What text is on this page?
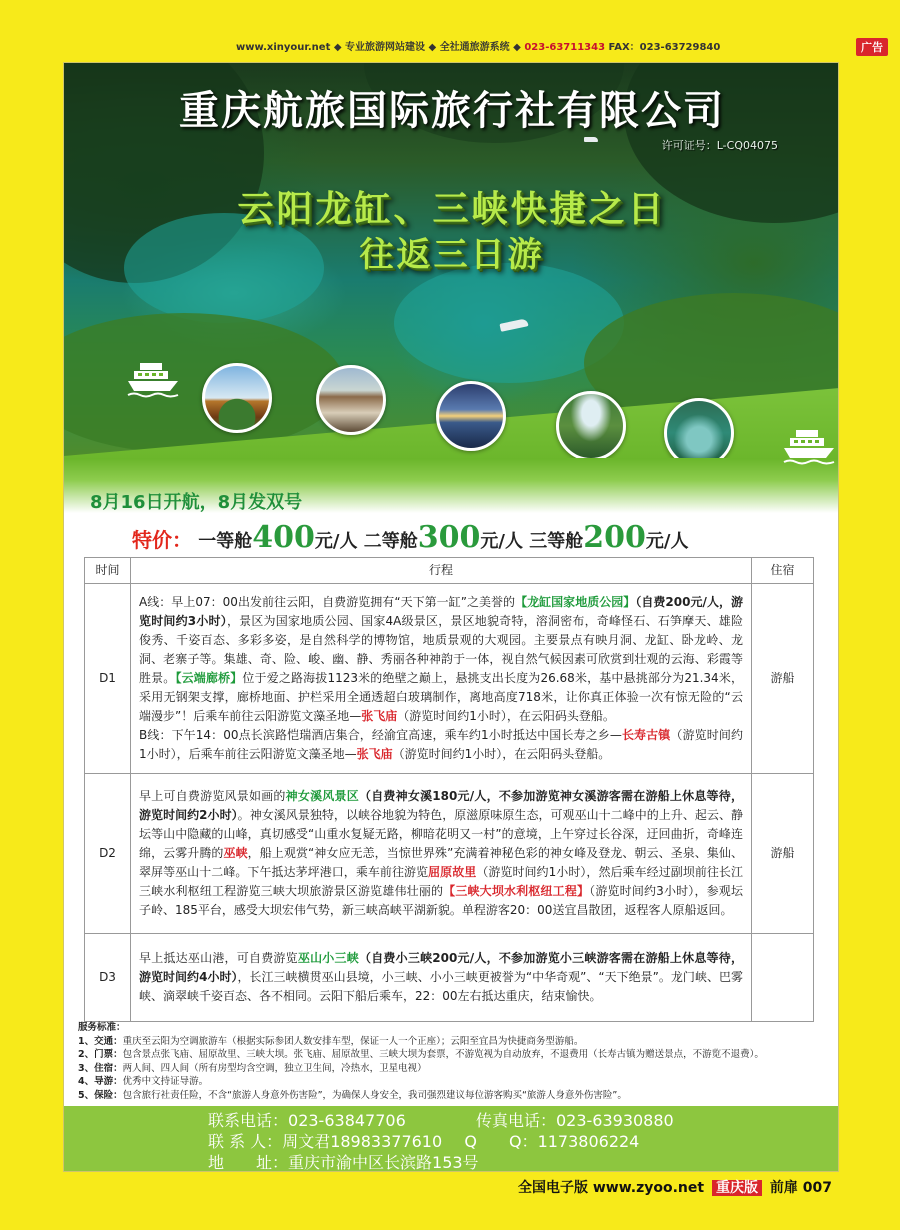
www.xinyour.net ◆ 专业旅游网站建设 ◆ 全社通旅游系统 ◆ 023-63711343 FAX：023-63729840	广告
重庆航旅国际旅行社有限公司
许可证号：L-CQ04075
云阳龙缸、三峡快捷之日
往返三日游
8月16日开航，8月发双号
特价： 一等舱400元/人 二等舱300元/人 三等舱200元/人
时间	行程	住宿
D1	A线：早上07：00出发前往云阳，自费游览拥有“天下第一缸”之美誉的【龙缸国家地质公园】（自费200元/人，游览时间约3小时），景区为国家地质公园、国家4A级景区，景区地貌奇特，溶洞密布，奇峰怪石、石笋摩天、雄险俊秀、千姿百态、多彩多姿，是自然科学的博物馆，地质景观的大观园。主要景点有映月洞、龙缸、卧龙岭、龙洞、老寨子等。集雄、奇、险、峻、幽、静、秀丽各种神韵于一体，视自然气候因素可欣赏到壮观的云海、彩霞等胜景。【云端廊桥】位于爱之路海拔1123米的绝壁之巅上，悬挑支出长度为26.68米，基中悬挑部分为21.34米，采用无钢架支撑，廊桥地面、护栏采用全通透超白玻璃制作，离地高度718米，让你真正体验一次有惊无险的“云端漫步”！后乘车前往云阳游览文藻圣地—张飞庙（游览时间约1小时），在云阳码头登船。
B线：下午14：00点长滨路恺瑞酒店集合，经渝宜高速，乘车约1小时抵达中国长寿之乡—长寿古镇（游览时间约1小时），后乘车前往云阳游览文藻圣地—张飞庙（游览时间约1小时），在云阳码头登船。	游船
D2	早上可自费游览风景如画的神女溪风景区（自费神女溪180元/人，不参加游览神女溪游客需在游船上休息等待，游览时间约2小时）。神女溪风景独特，以峡谷地貌为特色，原滋原味原生态，可观巫山十二峰中的上升、起云、静坛等山中隐藏的山峰，真切感受“山重水复疑无路，柳暗花明又一村”的意境，上午穿过长谷深，迂回曲折，奇峰连绵，云雾升腾的巫峡，船上观赏“神女应无恙，当惊世界殊”充满着神秘色彩的神女峰及登龙、朝云、圣泉、集仙、翠屏等巫山十二峰。下午抵达茅坪港口，乘车前往游览屈原故里（游览时间约1小时），然后乘车经过副坝前往长江三峡水利枢纽工程游览三峡大坝旅游景区游览雄伟壮丽的【三峡大坝水利枢纽工程】（游览时间约3小时），参观坛子岭、185平台，感受大坝宏伟气势，新三峡高峡平湖新貌。单程游客20：00送宜昌散团，返程客人原船返回。	游船
D3	早上抵达巫山港，可自费游览巫山小三峡（自费小三峡200元/人，不参加游览小三峡游客需在游船上休息等待，游览时间约4小时），长江三峡横贯巫山县境，小三峡、小小三峡更被誉为“中华奇观”、“天下绝景”。龙门峡、巴雾峡、滴翠峡千姿百态、各不相同。云阳下船后乘车，22：00左右抵达重庆，结束愉快。	
服务标准：
1、交通：重庆至云阳为空调旅游车（根据实际参团人数安排车型，保证一人一个正座）；云阳至宜昌为快捷商务型游船。
2、门票：包含景点张飞庙、屈原故里、三峡大坝。张飞庙、屈原故里、三峡大坝为套票，不游览视为自动放弃，不退费用（长寿古镇为赠送景点，不游览不退费）。
3、住宿：两人间、四人间（所有房型均含空调，独立卫生间，冷热水，卫星电视）
4、导游：优秀中文持证导游。
5、保险：包含旅行社责任险，不含“旅游人身意外伤害险”，为确保人身安全，我司强烈建议每位游客购买“旅游人身意外伤害险”。
联系电话：023-63847706	传真电话：023-63930880
联 系 人：周文君18983377610 Q　　Q：1173806224
地　　址：重庆市渝中区长滨路153号
全国电子版 www.zyoo.net 重庆版 前扉 007
